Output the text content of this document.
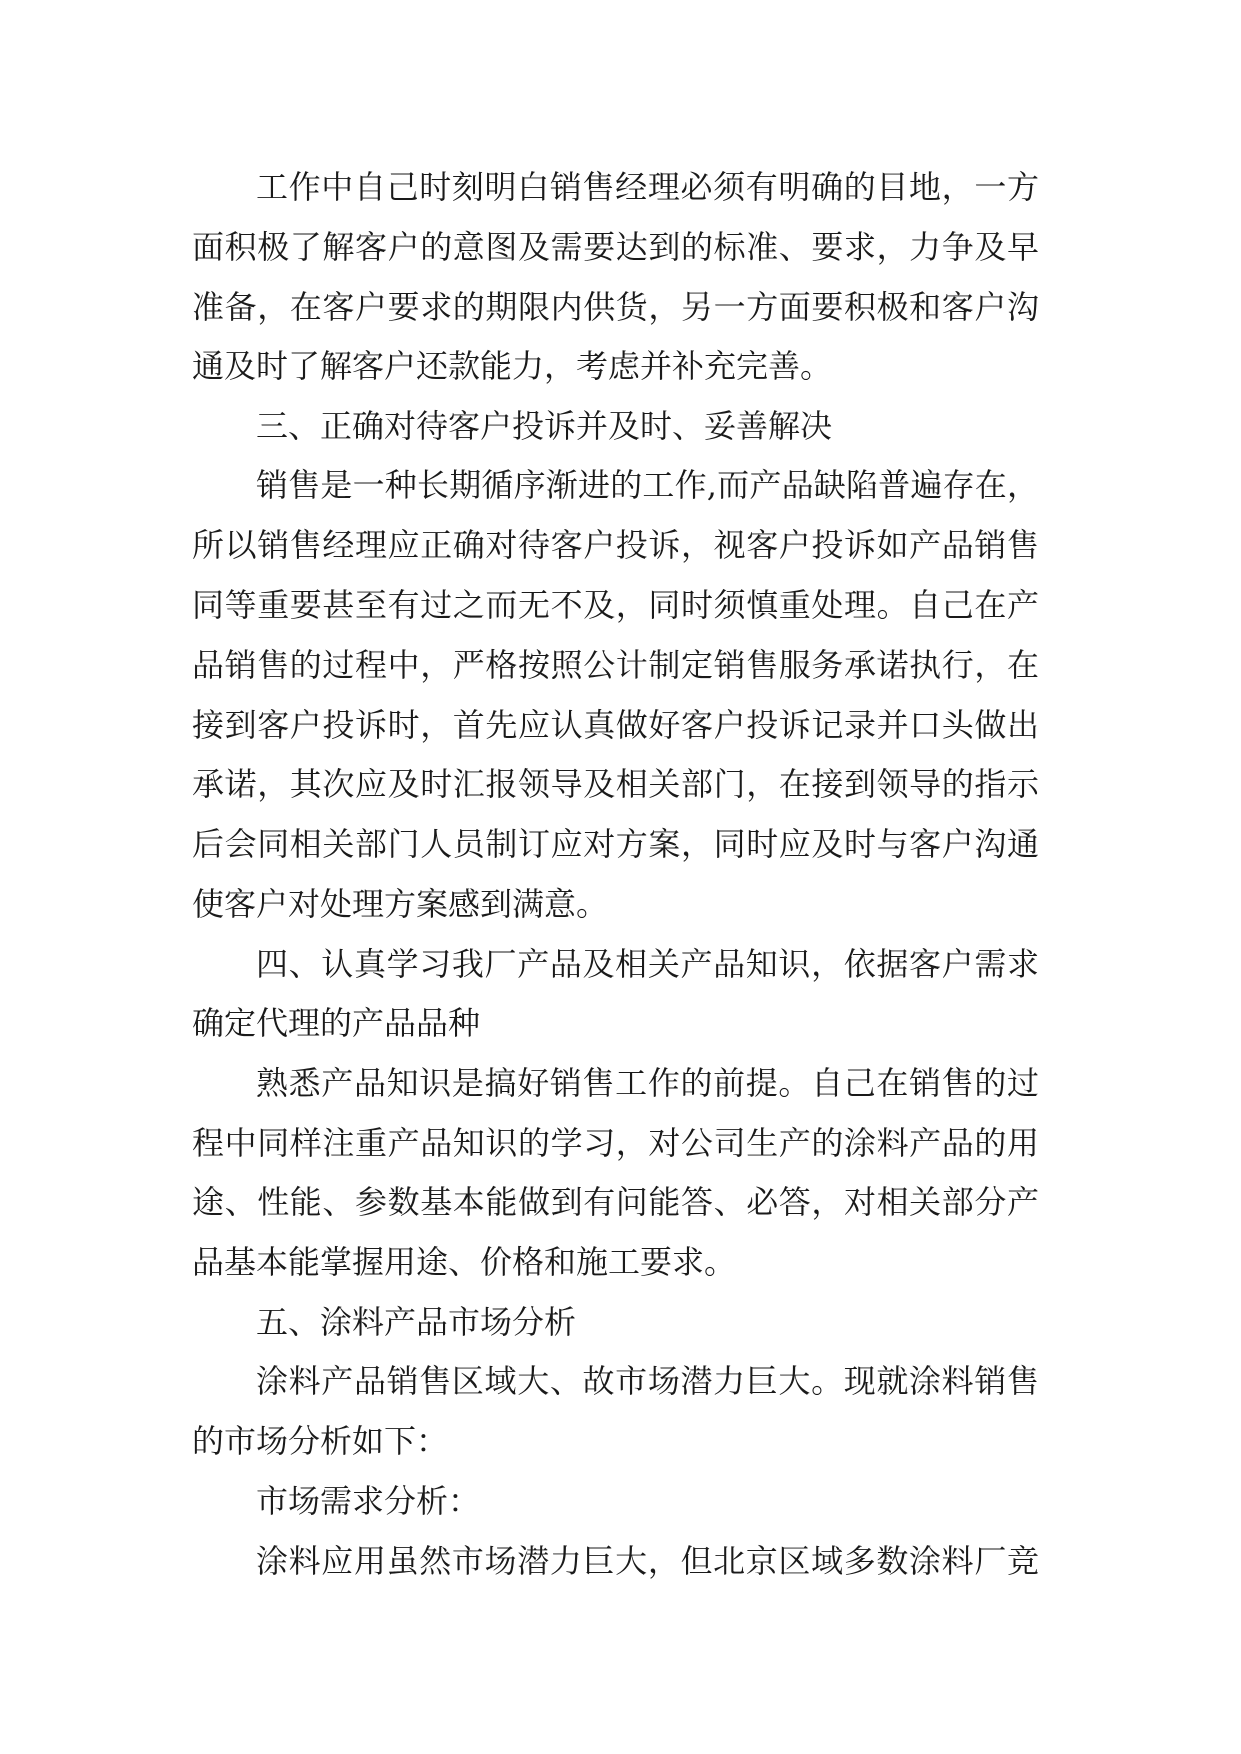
工作中自己时刻明白销售经理必须有明确的目地，一方
面积极了解客户的意图及需要达到的标准、要求，力争及早
准备，在客户要求的期限内供货，另一方面要积极和客户沟
通及时了解客户还款能力，考虑并补充完善。
三、正确对待客户投诉并及时、妥善解决
销售是一种长期循序渐进的工作,而产品缺陷普遍存在，
所以销售经理应正确对待客户投诉，视客户投诉如产品销售
同等重要甚至有过之而无不及，同时须慎重处理。自己在产
品销售的过程中，严格按照公计制定销售服务承诺执行，在
接到客户投诉时，首先应认真做好客户投诉记录并口头做出
承诺，其次应及时汇报领导及相关部门，在接到领导的指示
后会同相关部门人员制订应对方案，同时应及时与客户沟通
使客户对处理方案感到满意。
四、认真学习我厂产品及相关产品知识，依据客户需求
确定代理的产品品种
熟悉产品知识是搞好销售工作的前提。自己在销售的过
程中同样注重产品知识的学习，对公司生产的涂料产品的用
途、性能、参数基本能做到有问能答、必答，对相关部分产
品基本能掌握用途、价格和施工要求。
五、涂料产品市场分析
涂料产品销售区域大、故市场潜力巨大。现就涂料销售
的市场分析如下：
市场需求分析：
涂料应用虽然市场潜力巨大，但北京区域多数涂料厂竞
